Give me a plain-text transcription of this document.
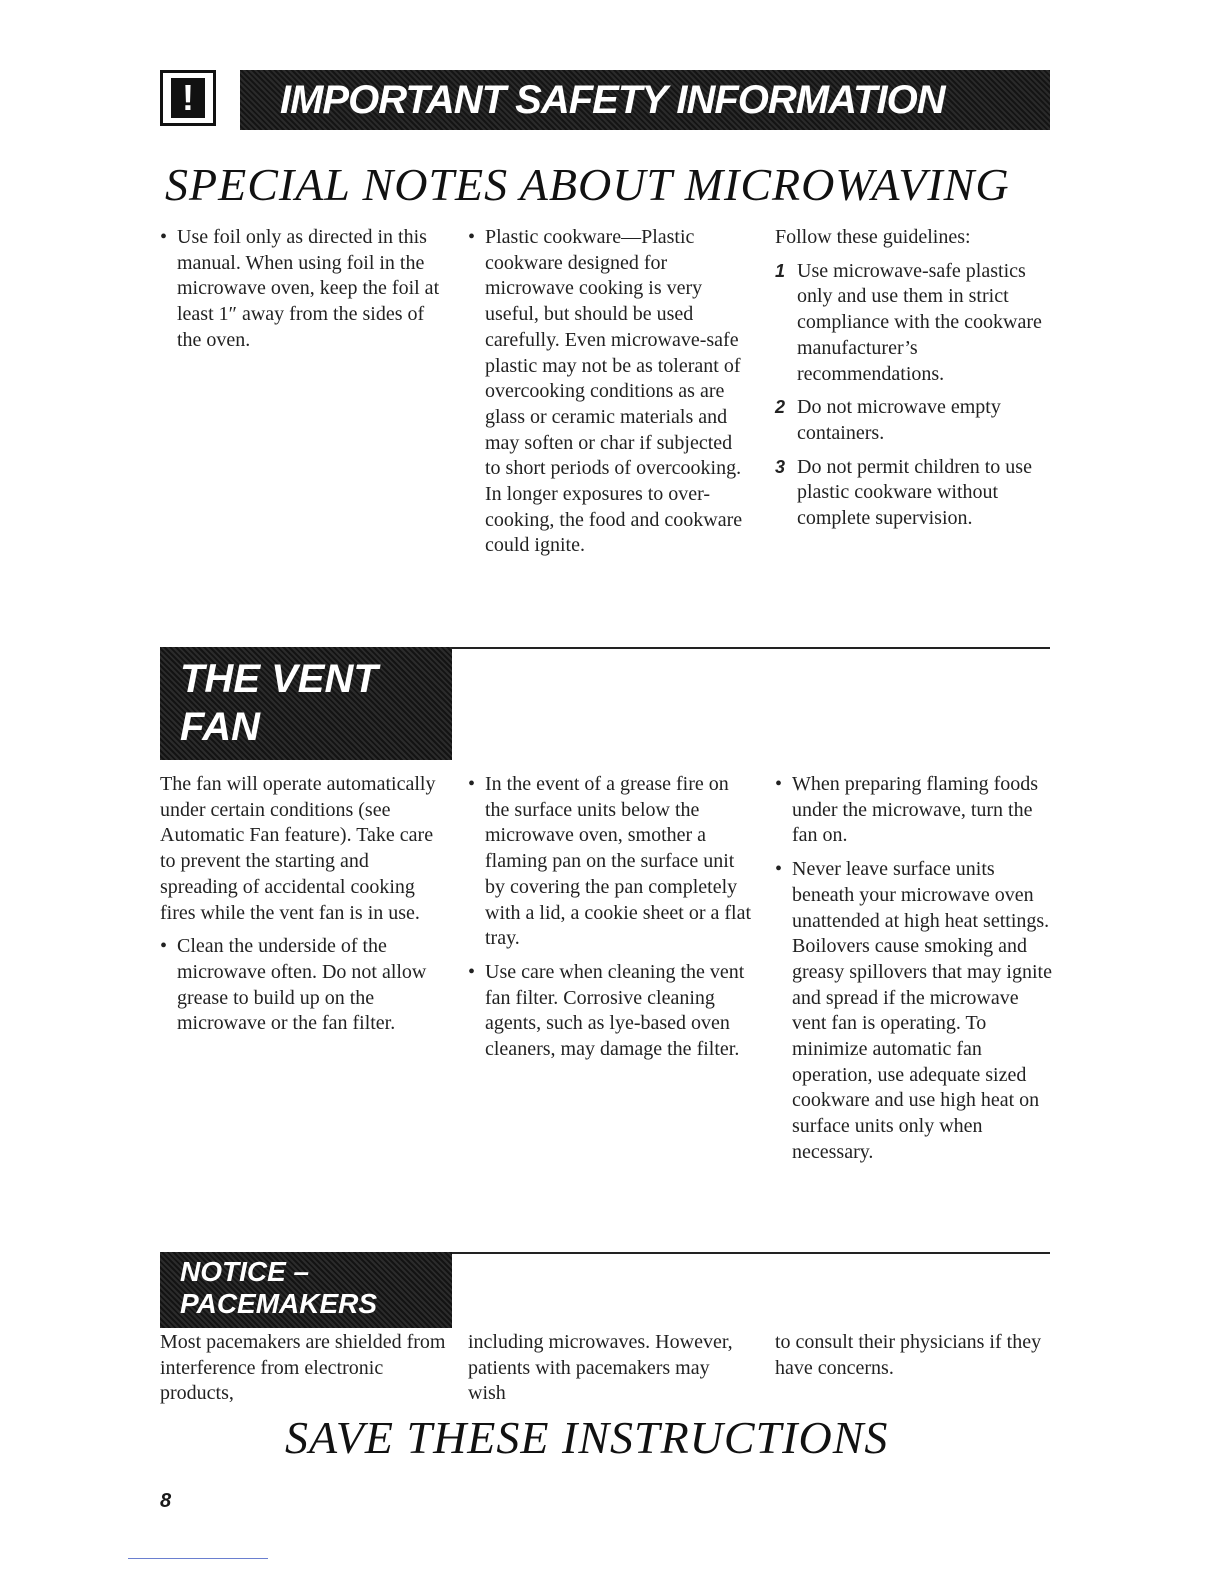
!	IMPORTANT SAFETY INFORMATION
SPECIAL NOTES ABOUT MICROWAVING

• Use foil only as directed in this manual. When using foil in the microwave oven, keep the foil at least 1″ away from the sides of the oven.

• Plastic cookware—Plastic cookware designed for microwave cooking is very useful, but should be used carefully. Even microwave-safe plastic may not be as tolerant of overcooking conditions as are glass or ceramic materials and may soften or char if subjected to short periods of overcooking. In longer exposures to over-cooking, the food and cookware could ignite.

Follow these guidelines:

1 Use microwave-safe plastics only and use them in strict compliance with the cookware manufacturer’s recommendations.

2 Do not microwave empty containers.

3 Do not permit children to use plastic cookware without complete supervision.

THE VENT
FAN

The fan will operate automatically under certain conditions (see Automatic Fan feature). Take care to prevent the starting and spreading of accidental cooking fires while the vent fan is in use.

• Clean the underside of the microwave often. Do not allow grease to build up on the microwave or the fan filter.

• In the event of a grease fire on the surface units below the microwave oven, smother a flaming pan on the surface unit by covering the pan completely with a lid, a cookie sheet or a flat tray.

• Use care when cleaning the vent fan filter. Corrosive cleaning agents, such as lye-based oven cleaners, may damage the filter.

• When preparing flaming foods under the microwave, turn the fan on.

• Never leave surface units beneath your microwave oven unattended at high heat settings. Boilovers cause smoking and greasy spillovers that may ignite and spread if the microwave vent fan is operating. To minimize automatic fan operation, use adequate sized cookware and use high heat on surface units only when necessary.

NOTICE –
PACEMAKERS

Most pacemakers are shielded from interference from electronic products,

including microwaves. However, patients with pacemakers may wish

to consult their physicians if they have concerns.

SAVE THESE INSTRUCTIONS
8
